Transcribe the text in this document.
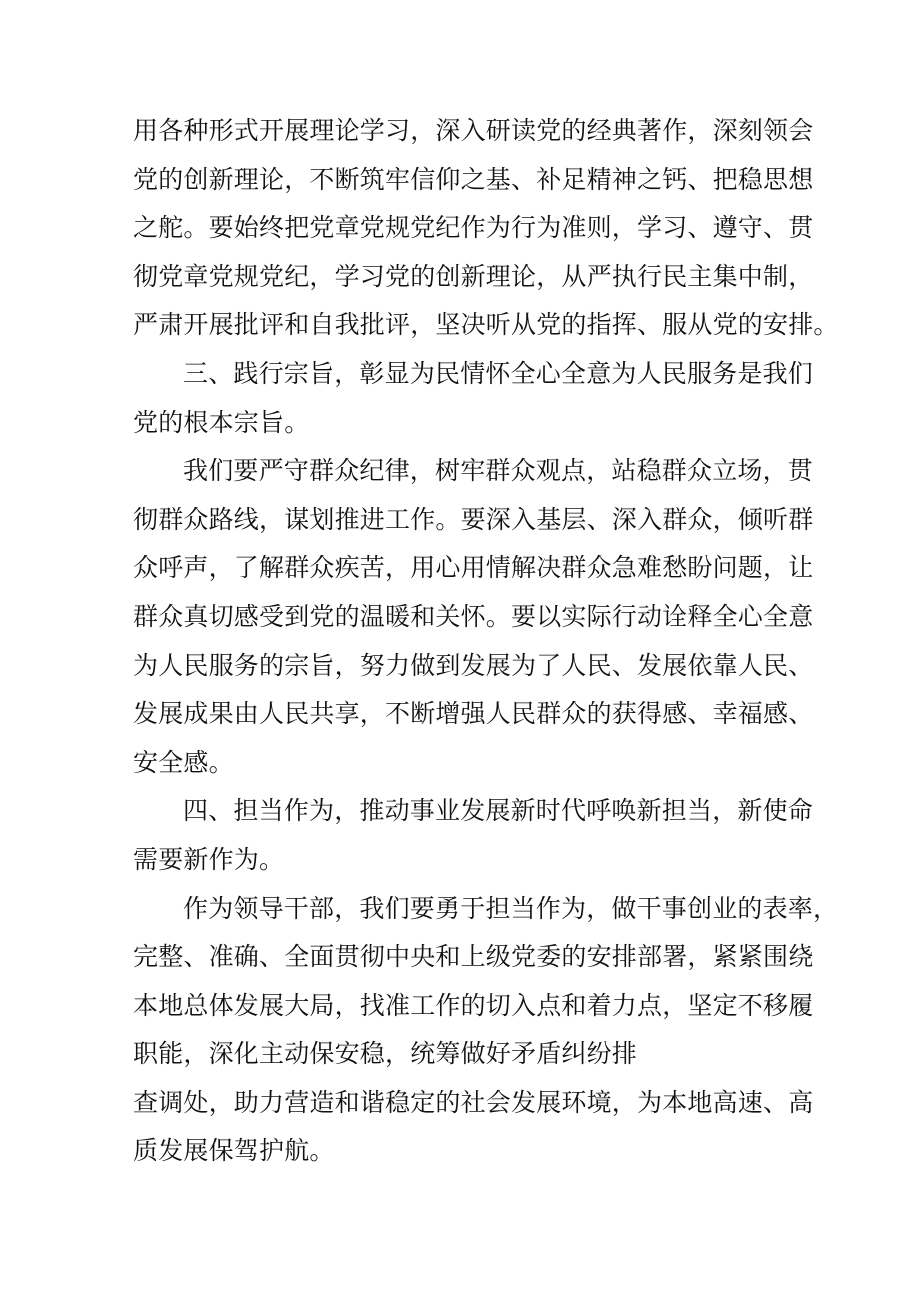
用各种形式开展理论学习，深入研读党的经典著作，深刻领会
党的创新理论，不断筑牢信仰之基、补足精神之钙、把稳思想
之舵。要始终把党章党规党纪作为行为准则，学习、遵守、贯
彻党章党规党纪，学习党的创新理论，从严执行民主集中制，
严肃开展批评和自我批评，坚决听从党的指挥、服从党的安排。
三、践行宗旨，彰显为民情怀全心全意为人民服务是我们
党的根本宗旨。
我们要严守群众纪律，树牢群众观点，站稳群众立场，贯
彻群众路线，谋划推进工作。要深入基层、深入群众，倾听群
众呼声，了解群众疾苦，用心用情解决群众急难愁盼问题，让
群众真切感受到党的温暖和关怀。要以实际行动诠释全心全意
为人民服务的宗旨，努力做到发展为了人民、发展依靠人民、
发展成果由人民共享，不断增强人民群众的获得感、幸福感、
安全感。
四、担当作为，推动事业发展新时代呼唤新担当，新使命
需要新作为。
作为领导干部，我们要勇于担当作为，做干事创业的表率，
完整、准确、全面贯彻中央和上级党委的安排部署，紧紧围绕
本地总体发展大局，找准工作的切入点和着力点，坚定不移履
职能，深化主动保安稳，统筹做好矛盾纠纷排
查调处，助力营造和谐稳定的社会发展环境，为本地高速、高
质发展保驾护航。
